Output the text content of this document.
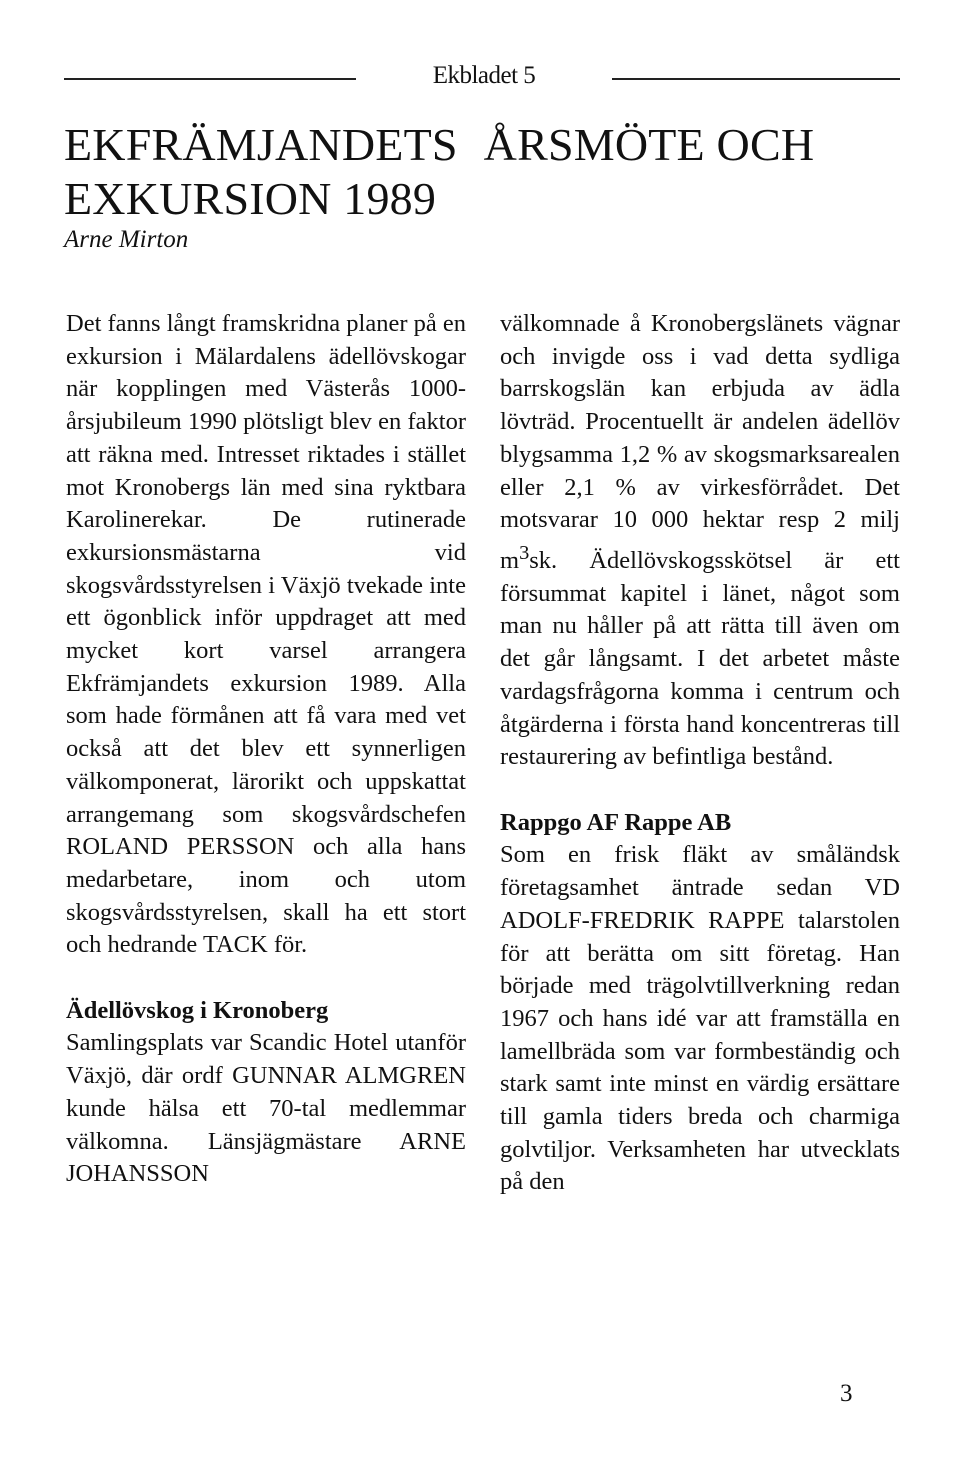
Ekbladet 5
EKFRÄMJANDETS ÅRSMÖTE OCH
EXKURSION 1989

Arne Mirton

Det fanns långt framskridna planer på en exkursion i Mälardalens ädellövskogar när kopplingen med Västerås 1000-årsjubileum 1990 plötsligt blev en faktor att räkna med. Intresset riktades i stället mot Kronobergs län med sina ryktbara Karolinerekar. De rutinerade exkursionsmästarna vid skogsvårdsstyrelsen i Växjö tvekade inte ett ögonblick inför uppdraget att med mycket kort varsel arrangera Ekfrämjandets exkursion 1989. Alla som hade förmånen att få vara med vet också att det blev ett synnerligen välkomponerat, lärorikt och uppskattat arrangemang som skogsvårdschefen ROLAND PERSSON och alla hans medarbetare, inom och utom skogsvårdsstyrelsen, skall ha ett stort och hedrande TACK för.

Ädellövskog i Kronoberg

Samlingsplats var Scandic Hotel utanför Växjö, där ordf GUNNAR ALMGREN kunde hälsa ett 70-tal medlemmar välkomna. Länsjägmästare ARNE JOHANSSON

välkomnade å Kronobergslänets vägnar och invigde oss i vad detta sydliga barrskogslän kan erbjuda av ädla lövträd. Procentuellt är andelen ädellöv blygsamma 1,2 % av skogsmarksarealen eller 2,1 % av virkesförrådet. Det motsvarar 10 000 hektar resp 2 milj $m^3sk$. Ädellövskogsskötsel är ett försummat kapitel i länet, något som man nu håller på att rätta till även om det går långsamt. I det arbetet måste vardagsfrågorna komma i centrum och åtgärderna i första hand koncentreras till restaurering av befintliga bestånd.

Rappgo AF Rappe AB

Som en frisk fläkt av småländsk företagsamhet äntrade sedan VD ADOLF-FREDRIK RAPPE talarstolen för att berätta om sitt företag. Han började med trägolvtillverkning redan 1967 och hans idé var att framställa en lamellbräda som var formbeständig och stark samt inte minst en värdig ersättare till gamla tiders breda och charmiga golvtiljor. Verksamheten har utvecklats på den

3
